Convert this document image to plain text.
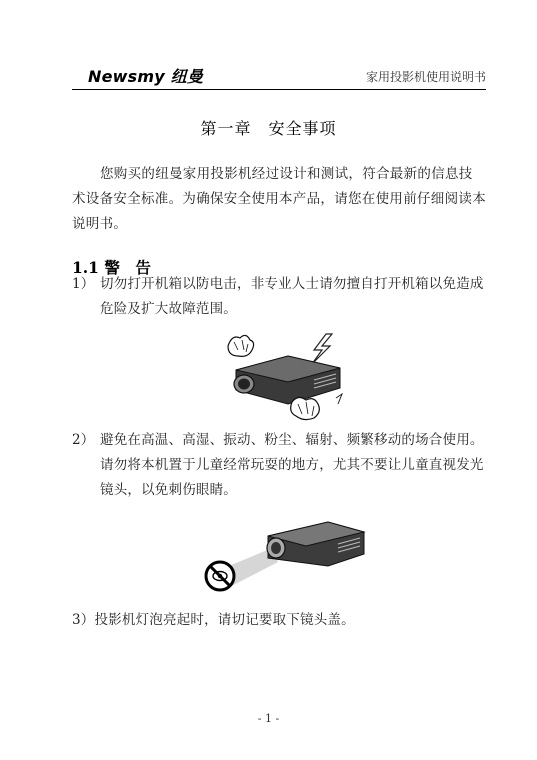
Newsmy 纽曼	家用投影机使用说明书
第一章　安全事项
您购买的纽曼家用投影机经过设计和测试，符合最新的信息技术设备安全标准。为确保安全使用本产品，请您在使用前仔细阅读本说明书。
1.1 警　告
1） 切勿打开机箱以防电击，非专业人士请勿擅自打开机箱以免造成危险及扩大故障范围。
2） 避免在高温、高湿、振动、粉尘、辐射、频繁移动的场合使用。请勿将本机置于儿童经常玩耍的地方，尤其不要让儿童直视发光镜头，以免刺伤眼睛。
3）投影机灯泡亮起时，请切记要取下镜头盖。
- 1 -
